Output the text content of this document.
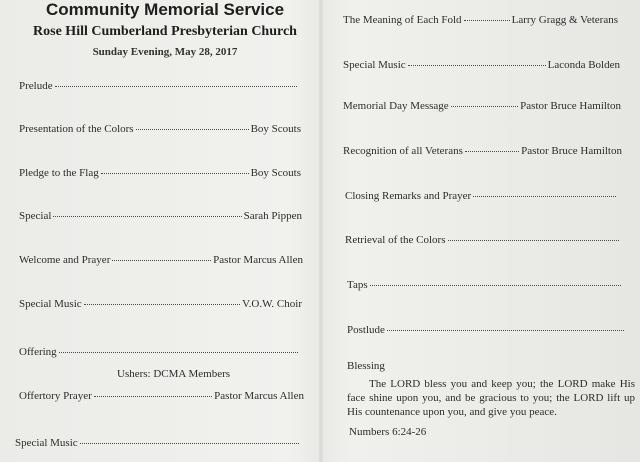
Community Memorial Service
Rose Hill Cumberland Presbyterian Church
Sunday Evening, May 28, 2017
Prelude
Presentation of the Colors	Boy Scouts
Pledge to the Flag	Boy Scouts
Special	Sarah Pippen
Welcome and Prayer	Pastor Marcus Allen
Special Music	V.O.W. Choir
Offering
Ushers: DCMA Members
Offertory Prayer	Pastor Marcus Allen
Special Music
The Meaning of Each Fold	Larry Gragg & Veterans
Special Music	Laconda Bolden
Memorial Day Message	Pastor Bruce Hamilton
Recognition of all Veterans	Pastor Bruce Hamilton
Closing Remarks and Prayer
Retrieval of the Colors
Taps
Postlude
Blessing
The LORD bless you and keep you; the LORD make His face shine upon you, and be gracious to you; the LORD lift up His countenance upon you, and give you peace.
Numbers 6:24-26
